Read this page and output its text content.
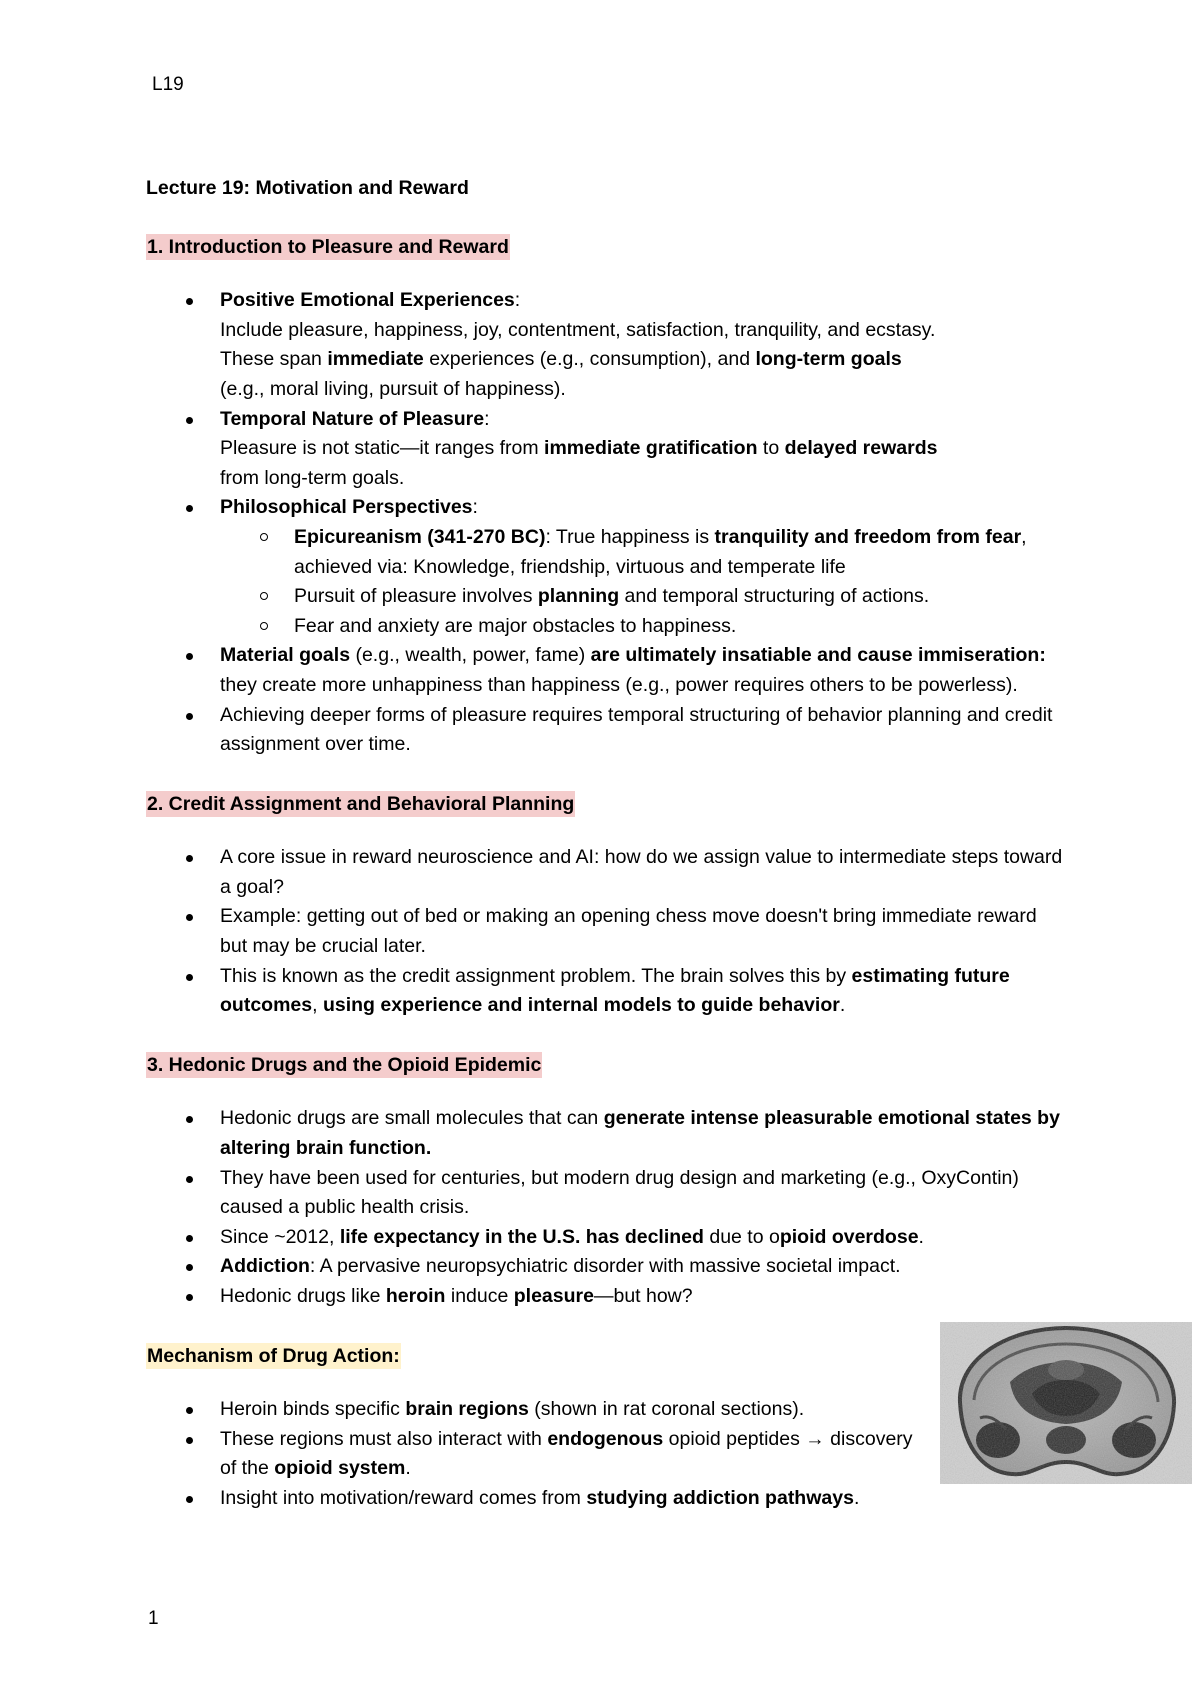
L19
Lecture 19: Motivation and Reward
1. Introduction to Pleasure and Reward
Positive Emotional Experiences:
Include pleasure, happiness, joy, contentment, satisfaction, tranquility, and ecstasy.
These span immediate experiences (e.g., consumption), and long-term goals
(e.g., moral living, pursuit of happiness).
Temporal Nature of Pleasure:
Pleasure is not static—it ranges from immediate gratification to delayed rewards
from long-term goals.
Philosophical Perspectives:
Epicureanism (341-270 BC): True happiness is tranquility and freedom from fear, achieved via: Knowledge, friendship, virtuous and temperate life
Pursuit of pleasure involves planning and temporal structuring of actions.
Fear and anxiety are major obstacles to happiness.
Material goals (e.g., wealth, power, fame) are ultimately insatiable and cause immiseration: they create more unhappiness than happiness (e.g., power requires others to be powerless).
Achieving deeper forms of pleasure requires temporal structuring of behavior planning and credit assignment over time.
2. Credit Assignment and Behavioral Planning
A core issue in reward neuroscience and AI: how do we assign value to intermediate steps toward a goal?
Example: getting out of bed or making an opening chess move doesn't bring immediate reward but may be crucial later.
This is known as the credit assignment problem. The brain solves this by estimating future outcomes, using experience and internal models to guide behavior.
3. Hedonic Drugs and the Opioid Epidemic
Hedonic drugs are small molecules that can generate intense pleasurable emotional states by altering brain function.
They have been used for centuries, but modern drug design and marketing (e.g., OxyContin) caused a public health crisis.
Since ~2012, life expectancy in the U.S. has declined due to opioid overdose.
Addiction: A pervasive neuropsychiatric disorder with massive societal impact.
Hedonic drugs like heroin induce pleasure—but how?
Mechanism of Drug Action:
Heroin binds specific brain regions (shown in rat coronal sections).
These regions must also interact with endogenous opioid peptides → discovery of the opioid system.
Insight into motivation/reward comes from studying addiction pathways.
1
